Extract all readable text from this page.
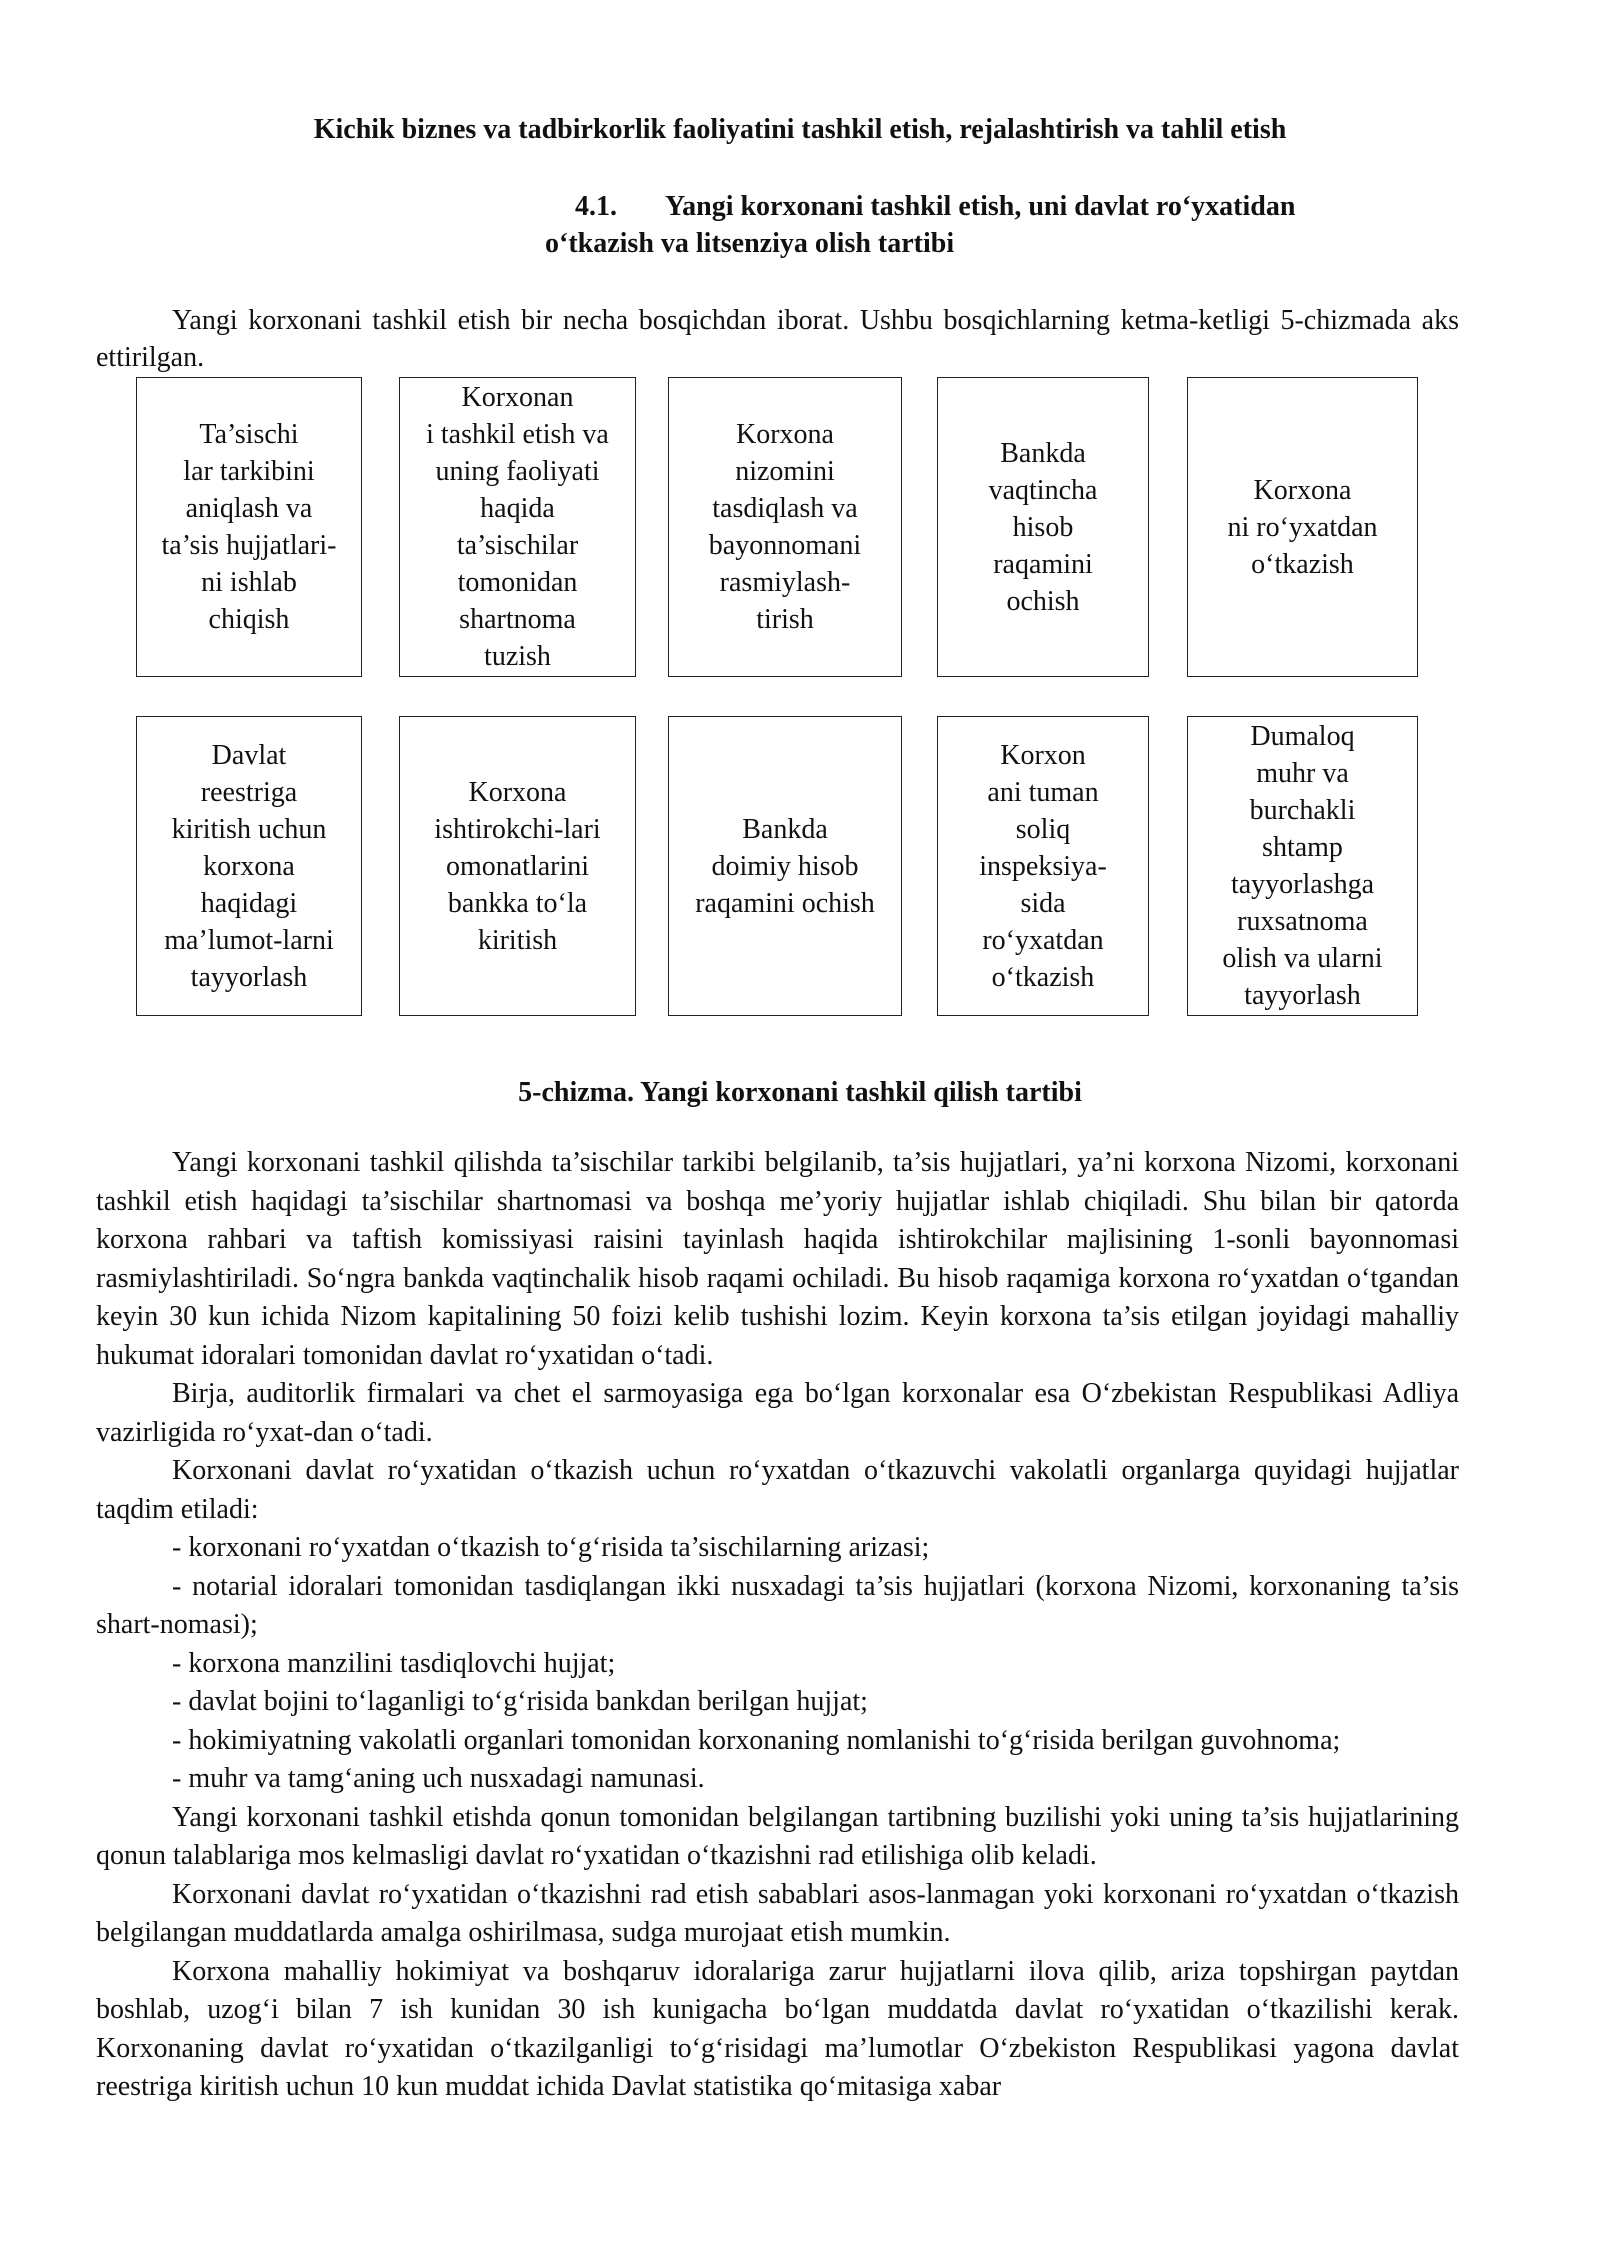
Kichik biznes va tadbirkorlik faoliyatini tashkil etish, rejalashtirish va tahlil etish
4.1. Yangi korxonani tashkil etish, uni davlat ro‘yxatidan
o‘tkazish va litsenziya olish tartibi

Yangi korxonani tashkil etish bir necha bosqichdan iborat. Ushbu bosqichlarning ketma-ketligi 5-chizmada aks ettirilgan.

Ta’sischi
lar tarkibini
aniqlash va
ta’sis hujjatlari-
ni ishlab
chiqish
Korxonan
i tashkil etish va
uning faoliyati
haqida
ta’sischilar
tomonidan
shartnoma
tuzish
Korxona
nizomini
tasdiqlash va
bayonnomani
rasmiylash-
tirish
Bankda
vaqtincha
hisob
raqamini
ochish
Korxona
ni ro‘yxatdan
o‘tkazish
Davlat
reestriga
kiritish uchun
korxona
haqidagi
ma’lumot-larni
tayyorlash
Korxona
ishtirokchi-lari
omonatlarini
bankka to‘la
kiritish
Bankda
doimiy hisob
raqamini ochish
Korxon
ani tuman
soliq
inspeksiya-
sida
ro‘yxatdan
o‘tkazish
Dumaloq
muhr va
burchakli
shtamp
tayyorlashga
ruxsatnoma
olish va ularni
tayyorlash
5-chizma. Yangi korxonani tashkil qilish tartibi

Yangi korxonani tashkil qilishda ta’sischilar tarkibi belgilanib, ta’sis hujjatlari, ya’ni korxona Nizomi, korxonani tashkil etish haqidagi ta’sischilar shartnomasi va boshqa me’yoriy hujjatlar ishlab chiqiladi. Shu bilan bir qatorda korxona rahbari va taftish komissiyasi raisini tayinlash haqida ishtirokchilar majlisining 1-sonli bayonnomasi rasmiylashtiriladi. So‘ngra bankda vaqtinchalik hisob raqami ochiladi. Bu hisob raqamiga korxona ro‘yxatdan o‘tgandan keyin 30 kun ichida Nizom kapitalining 50 foizi kelib tushishi lozim. Keyin korxona ta’sis etilgan joyidagi mahalliy hukumat idoralari tomonidan davlat ro‘yxatidan o‘tadi.

Birja, auditorlik firmalari va chet el sarmoyasiga ega bo‘lgan korxonalar esa O‘zbekistan Respublikasi Adliya vazirligida ro‘yxat-dan o‘tadi.

Korxonani davlat ro‘yxatidan o‘tkazish uchun ro‘yxatdan o‘tkazuvchi vakolatli organlarga quyidagi hujjatlar taqdim etiladi:

- korxonani ro‘yxatdan o‘tkazish to‘g‘risida ta’sischilarning arizasi;

- notarial idoralari tomonidan tasdiqlangan ikki nusxadagi ta’sis hujjatlari (korxona Nizomi, korxonaning ta’sis shart-nomasi);

- korxona manzilini tasdiqlovchi hujjat;

- davlat bojini to‘laganligi to‘g‘risida bankdan berilgan hujjat;

- hokimiyatning vakolatli organlari tomonidan korxonaning nomlanishi to‘g‘risida berilgan guvohnoma;

- muhr va tamg‘aning uch nusxadagi namunasi.

Yangi korxonani tashkil etishda qonun tomonidan belgilangan tartibning buzilishi yoki uning ta’sis hujjatlarining qonun talablariga mos kelmasligi davlat ro‘yxatidan o‘tkazishni rad etilishiga olib keladi.

Korxonani davlat ro‘yxatidan o‘tkazishni rad etish sabablari asos-lanmagan yoki korxonani ro‘yxatdan o‘tkazish belgilangan muddatlarda amalga oshirilmasa, sudga murojaat etish mumkin.

Korxona mahalliy hokimiyat va boshqaruv idoralariga zarur hujjatlarni ilova qilib, ariza topshirgan paytdan boshlab, uzog‘i bilan 7 ish kunidan 30 ish kunigacha bo‘lgan muddatda davlat ro‘yxatidan o‘tkazilishi kerak. Korxonaning davlat ro‘yxatidan o‘tkazilganligi to‘g‘risidagi ma’lumotlar O‘zbekiston Respublikasi yagona davlat reestriga kiritish uchun 10 kun muddat ichida Davlat statistika qo‘mitasiga xabar
